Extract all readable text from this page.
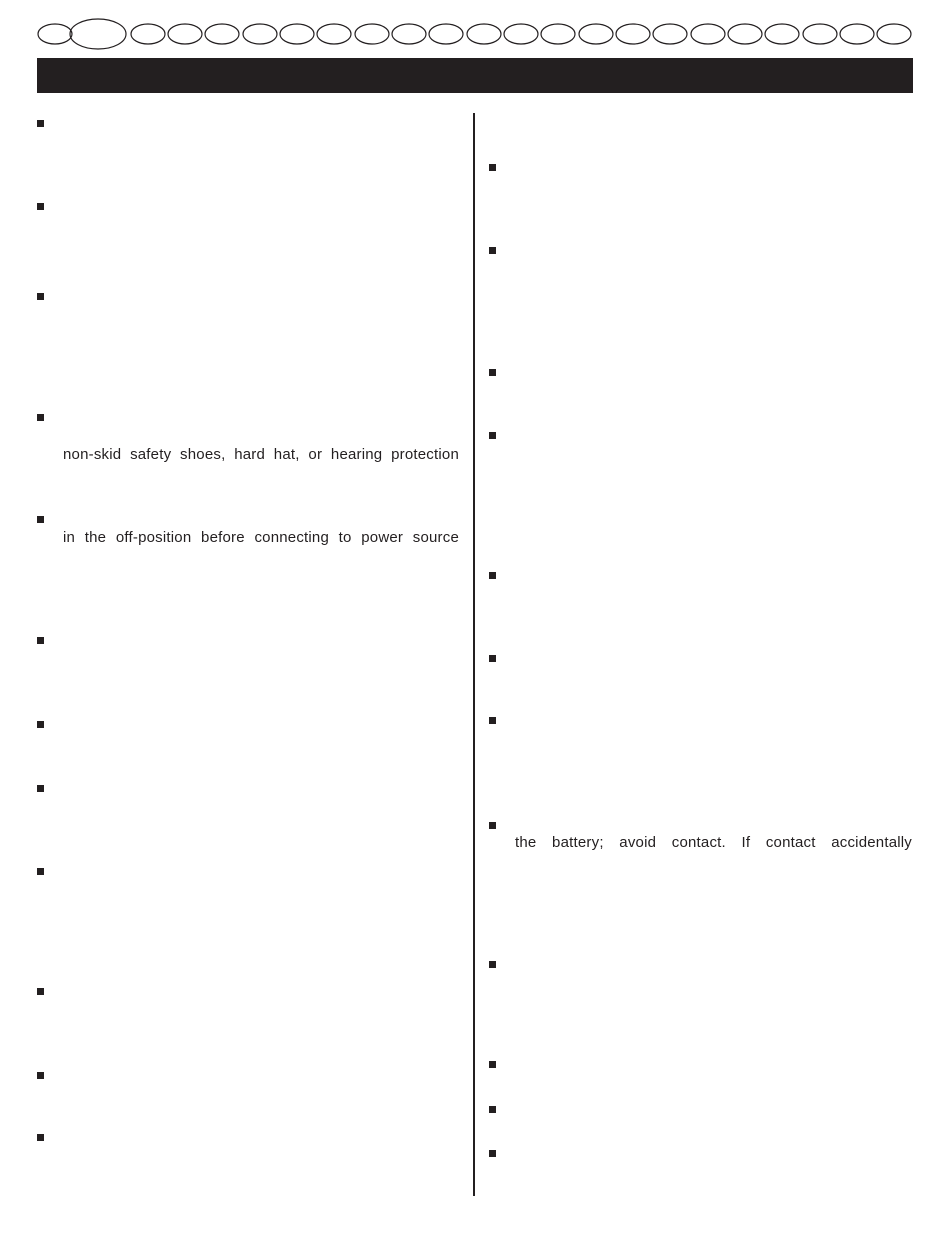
non-skid safety shoes, hard hat, or hearing protection
in the off-position before connecting to power source
the battery; avoid contact. If contact accidentally
